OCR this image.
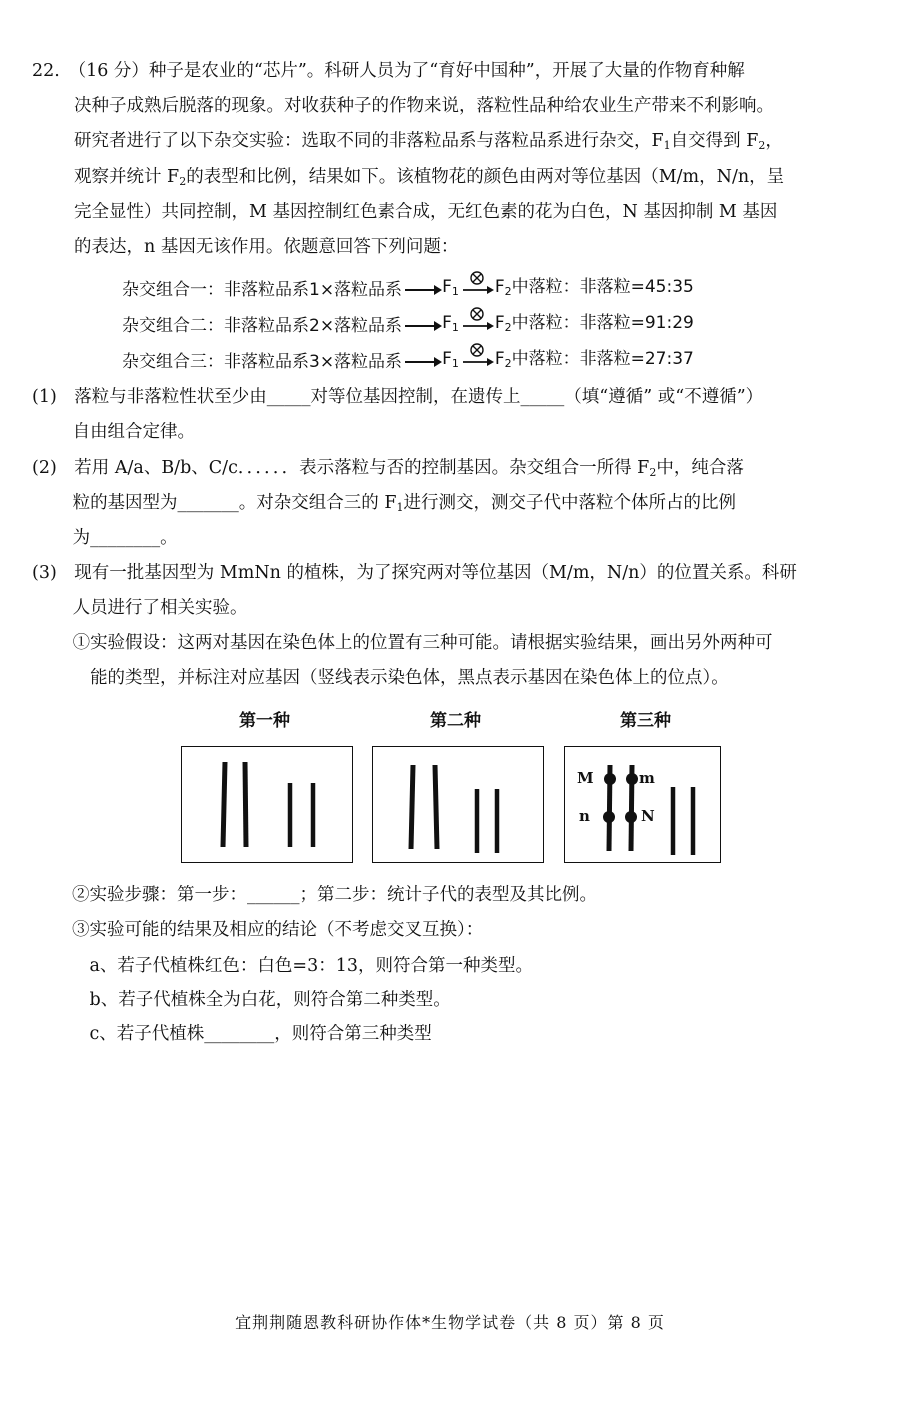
22.　（16 分）种子是农业的“芯片”。科研人员为了“育好中国种”，开展了大量的作物育种解
决种子成熟后脱落的现象。对收获种子的作物来说，落粒性品种给农业生产带来不利影响。
研究者进行了以下杂交实验：选取不同的非落粒品系与落粒品系进行杂交，$F_1$自交得到 $F_2$，
观察并统计 $F_2$的表型和比例，结果如下。该植物花的颜色由两对等位基因（M/m，N/n，呈
完全显性）共同控制，M 基因控制红色素合成，无红色素的花为白色，N 基因抑制 M 基因
的表达，n 基因无该作用。依题意回答下列问题：
杂交组合一：非落粒品系1×落粒品系 $F_1$ $F_2$中落粒：非落粒=45:35
杂交组合二：非落粒品系2×落粒品系 $F_1$ $F_2$中落粒：非落粒=91:29
杂交组合三：非落粒品系3×落粒品系 $F_1$ $F_2$中落粒：非落粒=27:37
(1)　落粒与非落粒性状至少由_____对等位基因控制，在遗传上_____（填“遵循” 或“不遵循”）
　　 自由组合定律。
(2)　若用 A/a、B/b、C/c．．．．．．表示落粒与否的控制基因。杂交组合一所得 $F_2$中，纯合落
　　 粒的基因型为_______。对杂交组合三的 $F_1$进行测交，测交子代中落粒个体所占的比例
　　 为________。
(3)　现有一批基因型为 MmNn 的植株，为了探究两对等位基因（M/m，N/n）的位置关系。科研
　　 人员进行了相关实验。
　　 ①实验假设：这两对基因在染色体上的位置有三种可能。请根据实验结果，画出另外两种可
　　　 能的类型，并标注对应基因（竖线表示染色体，黑点表示基因在染色体上的位点）。
第一种	第二种	第三种
M	m
n	N
②实验步骤：第一步：______；第二步：统计子代的表型及其比例。
③实验可能的结果及相应的结论（不考虑交叉互换）：
　a、若子代植株红色：白色=3：13，则符合第一种类型。
　b、若子代植株全为白花，则符合第二种类型。
　c、若子代植株________，则符合第三种类型
宜荆荆随恩教科研协作体*生物学试卷（共 8 页）第 8 页
